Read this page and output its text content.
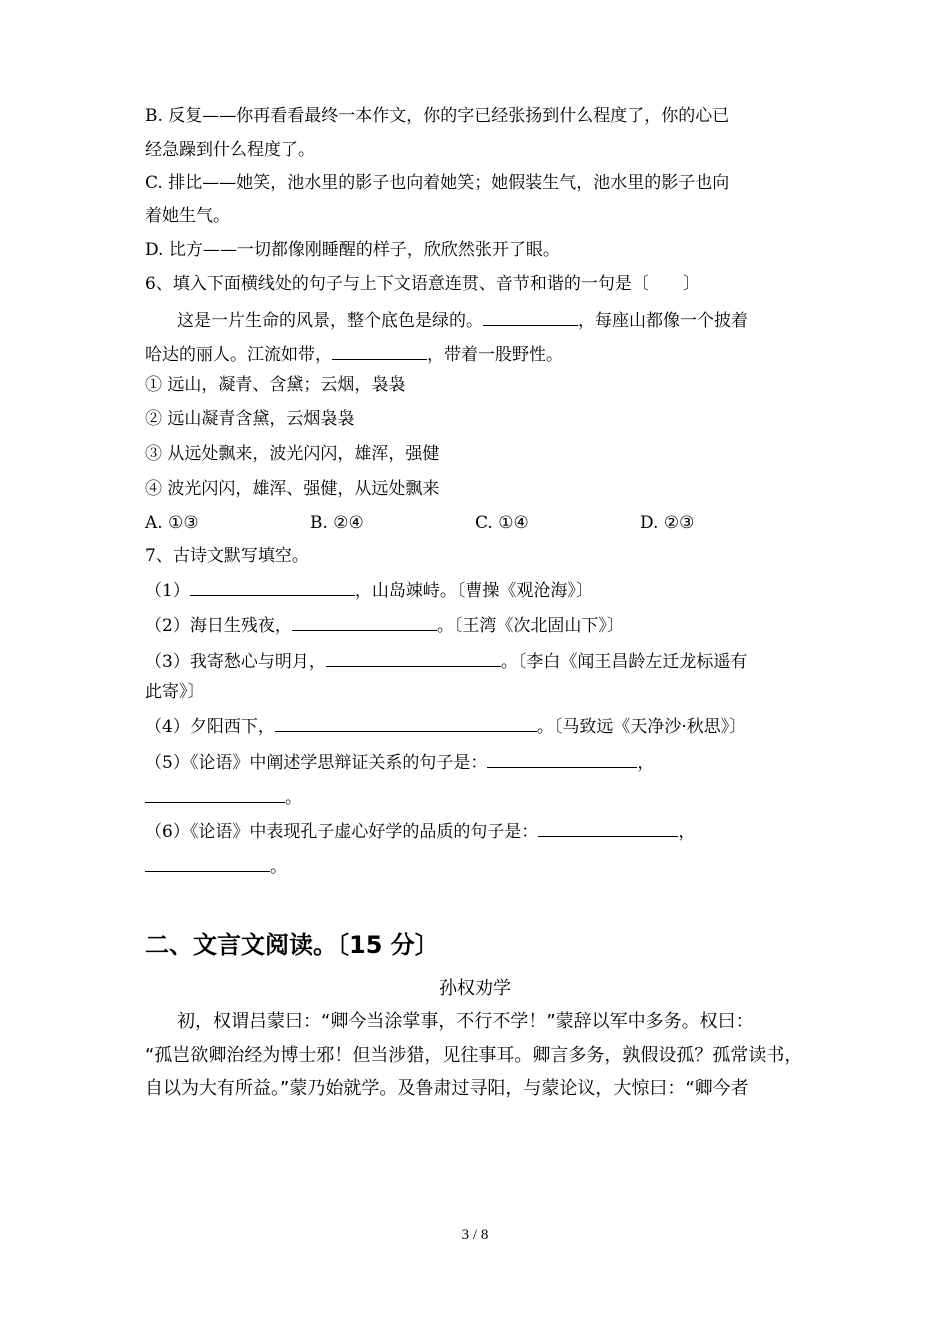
B. 反复——你再看看最终一本作文，你的字已经张扬到什么程度了，你的心已
经急躁到什么程度了。
C. 排比——她笑，池水里的影子也向着她笑；她假装生气，池水里的影子也向
着她生气。
D. 比方——一切都像刚睡醒的样子，欣欣然张开了眼。
6、填入下面横线处的句子与上下文语意连贯、音节和谐的一句是〔　　〕
这是一片生命的风景，整个底色是绿的。	，每座山都像一个披着
哈达的丽人。江流如带，	，带着一股野性。
① 远山，凝青、含黛；云烟，袅袅
② 远山凝青含黛，云烟袅袅
③ 从远处飘来，波光闪闪，雄浑，强健
④ 波光闪闪，雄浑、强健，从远处飘来
A. ①③	B. ②④	C. ①④	D. ②③
7、古诗文默写填空。
（1）	，山岛竦峙。〔曹操《观沧海》〕
（2）海日生残夜，	。〔王湾《次北固山下》〕
（3）我寄愁心与明月，	。〔李白《闻王昌龄左迁龙标遥有
此寄》〕
（4）夕阳西下，	。〔马致远《天净沙·秋思》〕
（5）《论语》中阐述学思辩证关系的句子是：	，
。
（6）《论语》中表现孔子虚心好学的品质的句子是：	，
。
二、文言文阅读。〔15 分〕
孙权劝学
初，权谓吕蒙曰：“卿今当涂掌事，不行不学！”蒙辞以军中多务。权曰：
“孤岂欲卿治经为博士邪！但当涉猎，见往事耳。卿言多务，孰假设孤？孤常读书，
自以为大有所益。”蒙乃始就学。及鲁肃过寻阳，与蒙论议，大惊曰：“卿今者
3 / 8
